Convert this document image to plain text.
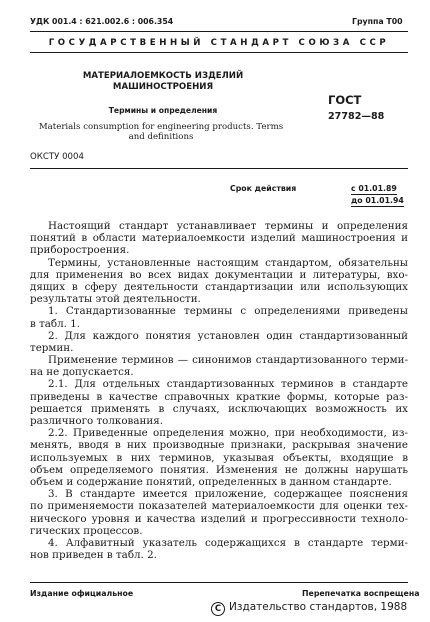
УДК 001.4 : 621.002.6 : 006.354	Группа Т00
ГОСУДАРСТВЕННЫЙ СТАНДАРТ СОЮЗА ССР
МАТЕРИАЛОЕМКОСТЬ ИЗДЕЛИЙ МАШИНОСТРОЕНИЯ
Термины и определения
Materials consumption for engineering products. Terms and definitions
ГОСТ
27782—88
ОКСТУ 0004
Срок действия	с 01.01.89
до 01.01.94
Настоящий стандарт устанавливает термины и определения
понятий в области материалоемкости изделий машиностроения и
приборостроения.
Термины, установленные настоящим стандартом, обязательны
для применения во всех видах документации и литературы, вхо-
дящих в сферу деятельности стандартизации или использующих
результаты этой деятельности.
1. Стандартизованные термины с определениями приведены
в табл. 1.
2. Для каждого понятия установлен один стандартизованный
термин.
Применение терминов — синонимов стандартизованного терми-
на не допускается.
2.1. Для отдельных стандартизованных терминов в стандарте
приведены в качестве справочных краткие формы, которые раз-
решается применять в случаях, исключающих возможность их
различного толкования.
2.2. Приведенные определения можно, при необходимости, из-
менять, вводя в них производные признаки, раскрывая значение
используемых в них терминов, указывая объекты, входящие в
объем определяемого понятия. Изменения не должны нарушать
объем и содержание понятий, определенных в данном стандарте.
3. В стандарте имеется приложение, содержащее пояснения
по применяемости показателей материалоемкости для оценки тех-
нического уровня и качества изделий и прогрессивности техноло-
гических процессов.
4. Алфавитный указатель содержащихся в стандарте терми-
нов приведен в табл. 2.
Издание официальное	Перепечатка воспрещена
C Издательство стандартов, 1988
